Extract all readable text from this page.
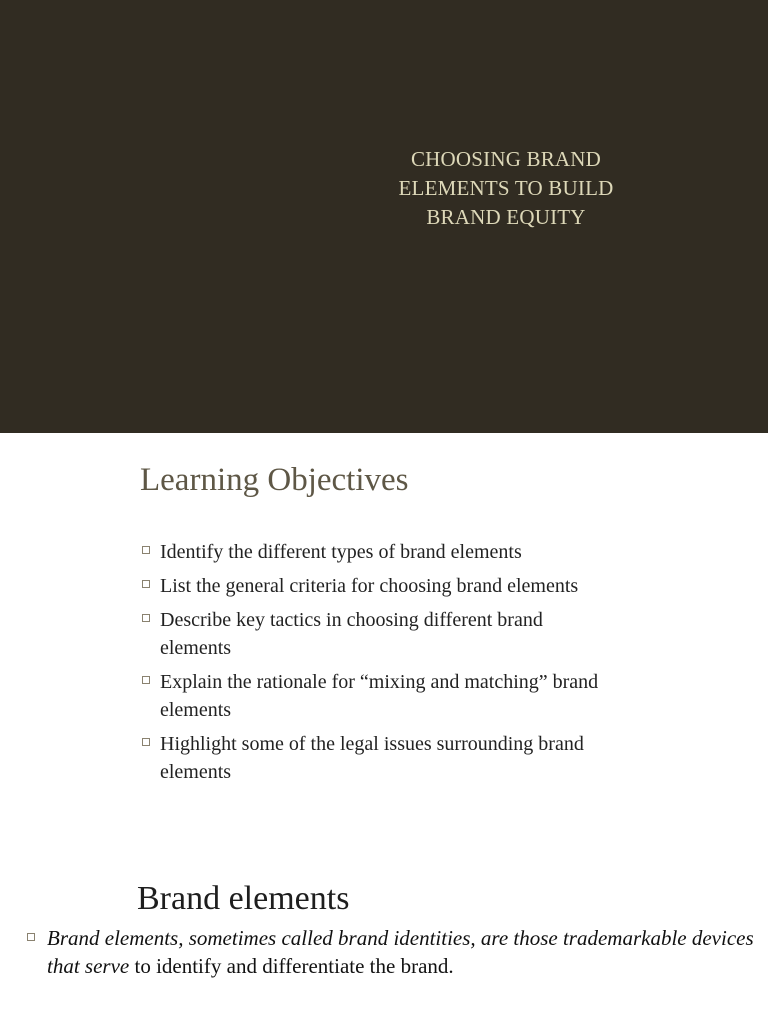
CHOOSING BRAND
ELEMENTS TO BUILD
BRAND EQUITY
Learning Objectives
Identify the different types of brand elements
List the general criteria for choosing brand elements
Describe key tactics in choosing different brand elements
Explain the rationale for “mixing and matching” brand elements
Highlight some of the legal issues surrounding brand elements
Brand elements
Brand elements, sometimes called brand identities, are those trademarkable devices that serve to identify and differentiate the brand.
